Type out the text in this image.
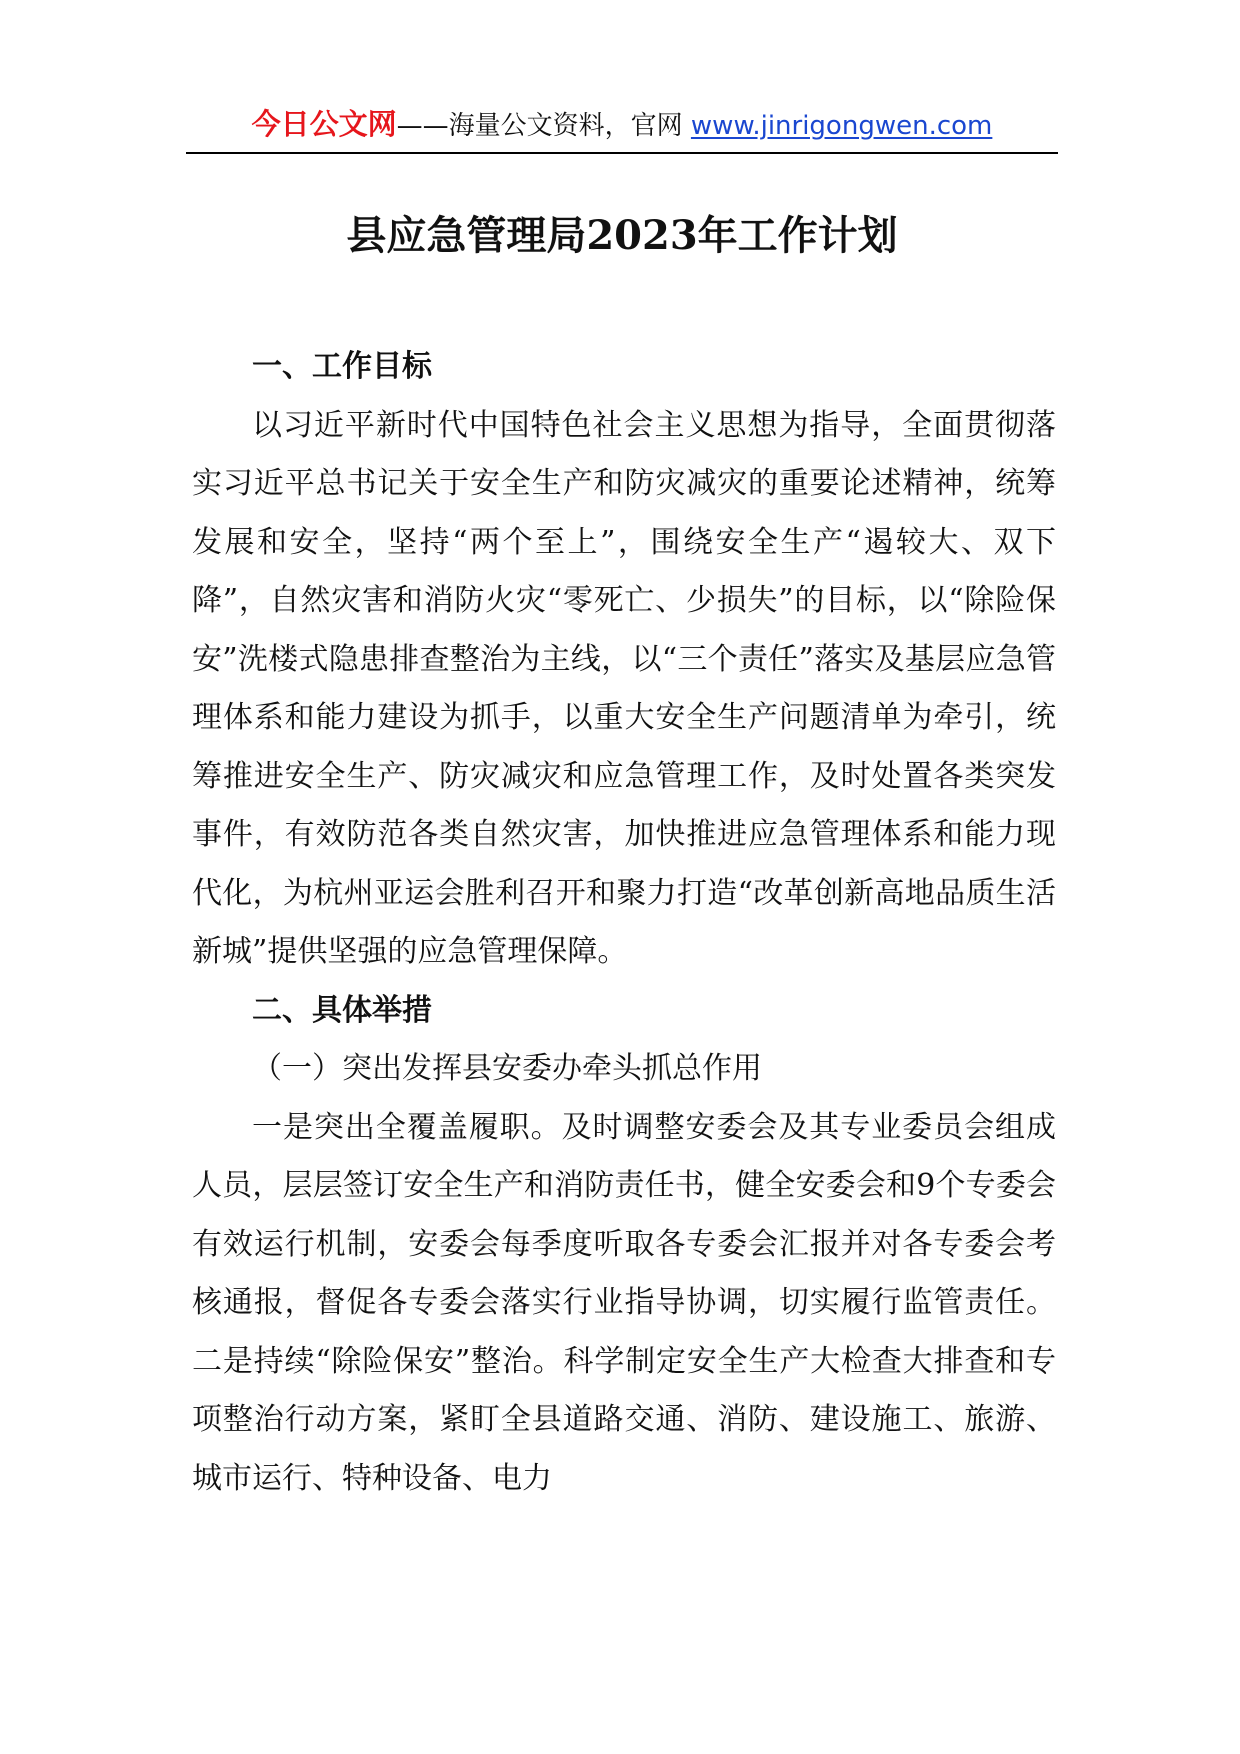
今日公文网——海量公文资料，官网 www.jinrigongwen.com
县应急管理局2023年工作计划

一、工作目标

以习近平新时代中国特色社会主义思想为指导，全面贯彻落实习近平总书记关于安全生产和防灾减灾的重要论述精神，统筹发展和安全，坚持“两个至上”，围绕安全生产“遏较大、双下降”，自然灾害和消防火灾“零死亡、少损失”的目标，以“除险保安”洗楼式隐患排查整治为主线，以“三个责任”落实及基层应急管理体系和能力建设为抓手，以重大安全生产问题清单为牵引，统筹推进安全生产、防灾减灾和应急管理工作，及时处置各类突发事件，有效防范各类自然灾害，加快推进应急管理体系和能力现代化，为杭州亚运会胜利召开和聚力打造“改革创新高地品质生活新城”提供坚强的应急管理保障。

二、具体举措

（一）突出发挥县安委办牵头抓总作用

一是突出全覆盖履职。及时调整安委会及其专业委员会组成人员，层层签订安全生产和消防责任书，健全安委会和9个专委会有效运行机制，安委会每季度听取各专委会汇报并对各专委会考核通报，督促各专委会落实行业指导协调，切实履行监管责任。二是持续“除险保安”整治。科学制定安全生产大检查大排查和专项整治行动方案，紧盯全县道路交通、消防、建设施工、旅游、城市运行、特种设备、电力
